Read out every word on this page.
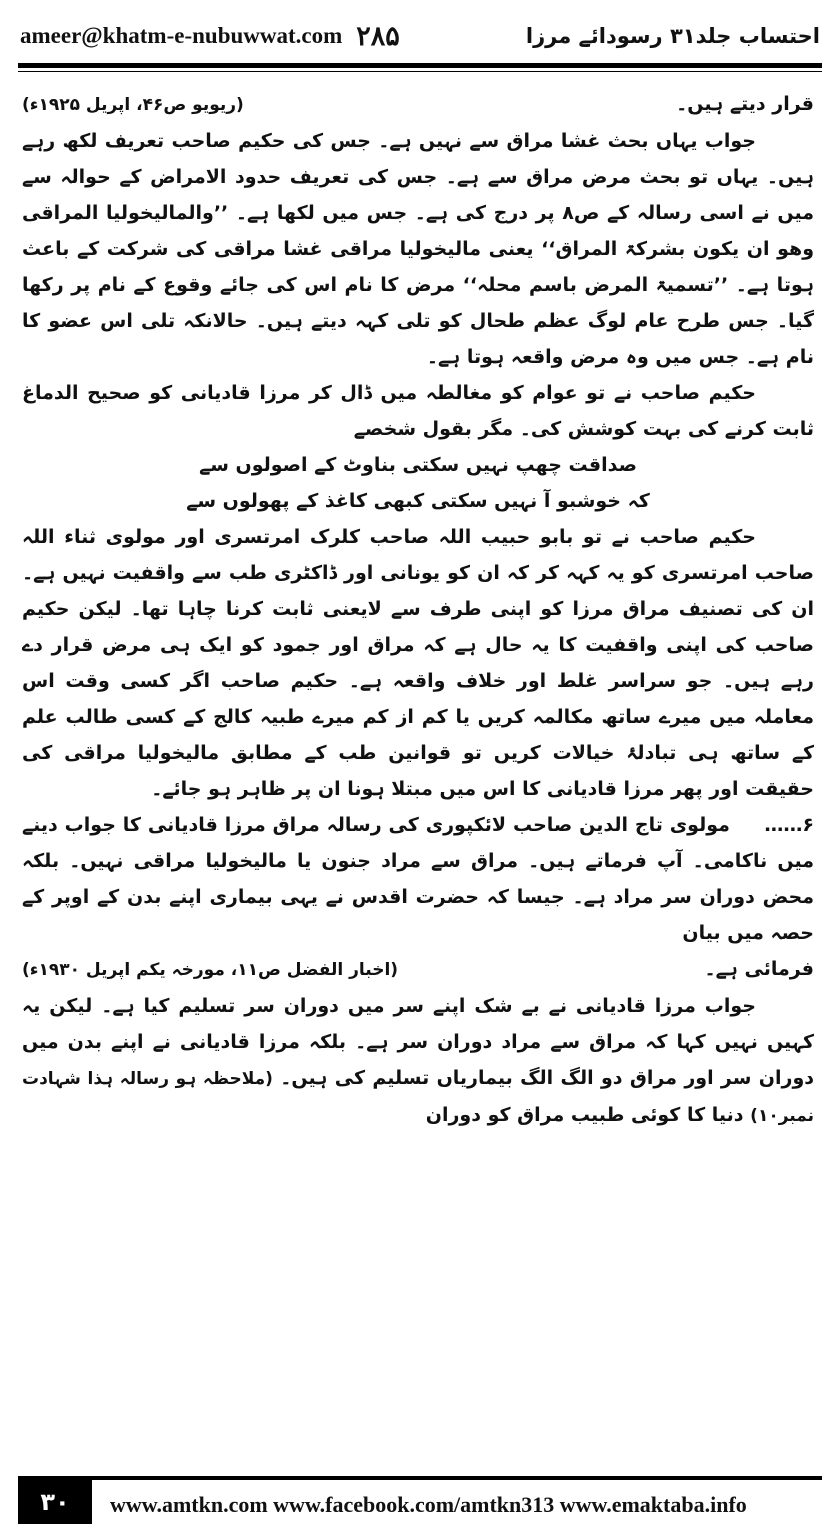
ameer@khatm-e-nubuwwat.com ۲۸۵	احتساب جلد۳۱ رسودائے مرزا
قرار دیتے ہیں۔
(ریویو ص۴۶، اپریل ۱۹۲۵ء)

جواب یہاں بحث غشا مراق سے نہیں ہے۔ جس کی حکیم صاحب تعریف لکھ رہے ہیں۔ یہاں تو بحث مرض مراق سے ہے۔ جس کی تعریف حدود الامراض کے حوالہ سے میں نے اسی رسالہ کے ص۸ پر درج کی ہے۔ جس میں لکھا ہے۔ ’’والمالیخولیا المراقی وھو ان یکون بشرکۃ المراق‘‘ یعنی مالیخولیا مراقی غشا مراقی کی شرکت کے باعث ہوتا ہے۔ ’’تسمیۃ المرض باسم محلہ‘‘ مرض کا نام اس کی جائے وقوع کے نام پر رکھا گیا۔ جس طرح عام لوگ عظم طحال کو تلی کہہ دیتے ہیں۔ حالانکہ تلی اس عضو کا نام ہے۔ جس میں وہ مرض واقعہ ہوتا ہے۔

حکیم صاحب نے تو عوام کو مغالطہ میں ڈال کر مرزا قادیانی کو صحیح الدماغ ثابت کرنے کی بہت کوشش کی۔ مگر بقول شخصے

صداقت چھپ نہیں سکتی بناوٹ کے اصولوں سے

کہ خوشبو آ نہیں سکتی کبھی کاغذ کے پھولوں سے

حکیم صاحب نے تو بابو حبیب اللہ صاحب کلرک امرتسری اور مولوی ثناء اللہ صاحب امرتسری کو یہ کہہ کر کہ ان کو یونانی اور ڈاکٹری طب سے واقفیت نہیں ہے۔ ان کی تصنیف مراق مرزا کو اپنی طرف سے لایعنی ثابت کرنا چاہا تھا۔ لیکن حکیم صاحب کی اپنی واقفیت کا یہ حال ہے کہ مراق اور جمود کو ایک ہی مرض قرار دے رہے ہیں۔ جو سراسر غلط اور خلاف واقعہ ہے۔ حکیم صاحب اگر کسی وقت اس معاملہ میں میرے ساتھ مکالمہ کریں یا کم از کم میرے طبیہ کالج کے کسی طالب علم کے ساتھ ہی تبادلۂ خیالات کریں تو قوانین طب کے مطابق مالیخولیا مراقی کی حقیقت اور پھر مرزا قادیانی کا اس میں مبتلا ہونا ان پر ظاہر ہو جائے۔

۶……     مولوی تاج الدین صاحب لائکپوری کی رسالہ مراق مرزا قادیانی کا جواب دینے میں ناکامی۔ آپ فرماتے ہیں۔ مراق سے مراد جنون یا مالیخولیا مراقی نہیں۔ بلکہ محض دوران سر مراد ہے۔ جیسا کہ حضرت اقدس نے یہی بیماری اپنے بدن کے اوپر کے حصہ میں بیان

فرمائی ہے۔
(اخبار الفضل ص۱۱، مورخہ یکم اپریل ۱۹۳۰ء)

جواب مرزا قادیانی نے بے شک اپنے سر میں دوران سر تسلیم کیا ہے۔ لیکن یہ کہیں نہیں کہا کہ مراق سے مراد دوران سر ہے۔ بلکہ مرزا قادیانی نے اپنے بدن میں دوران سر اور مراق دو الگ الگ بیماریاں تسلیم کی ہیں۔ (ملاحظہ ہو رسالہ ہذا شہادت نمبر۱۰) دنیا کا کوئی طبیب مراق کو دوران

۳۰	www.amtkn.com www.facebook.com/amtkn313 www.emaktaba.info
